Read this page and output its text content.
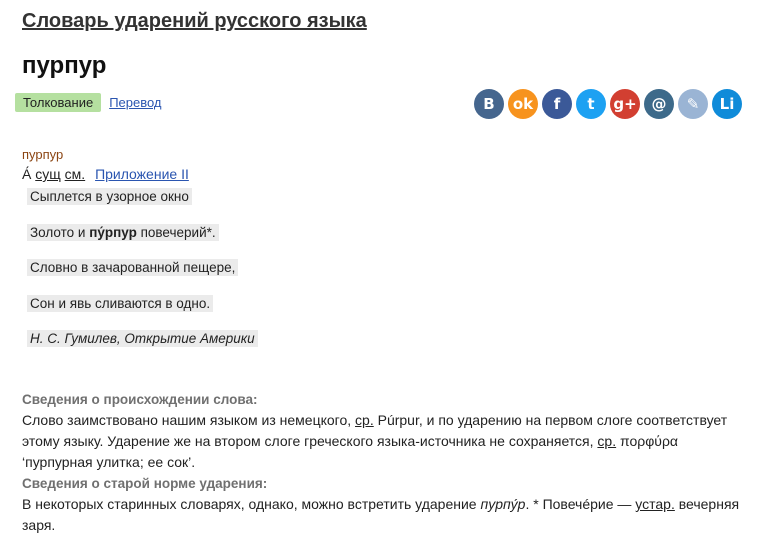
Словарь ударений русского языка
пурпур
Толкование	Перевод	B	ok	f	t	g+ @	✎	Li
пурпур
А́ сущ см. Приложение II
Сыплется в узорное окно
Золото и пу́рпур повечерий*.
Словно в зачарованной пещере,
Сон и явь сливаются в одно.
Н. С. Гумилев, Открытие Америки
Сведения о происхождении слова:
Слово заимствовано нашим языком из немецкого, ср. Púrpur, и по ударению на первом слоге соответствует этому языку. Ударение же на втором слоге греческого языка-источника не сохраняется, ср. πορφύρα ‘пурпурная улитка; ее сок’.
Сведения о старой норме ударения:
В некоторых старинных словарях, однако, можно встретить ударение пурпу́р. * Повечéрие — устар. вечерняя заря.
